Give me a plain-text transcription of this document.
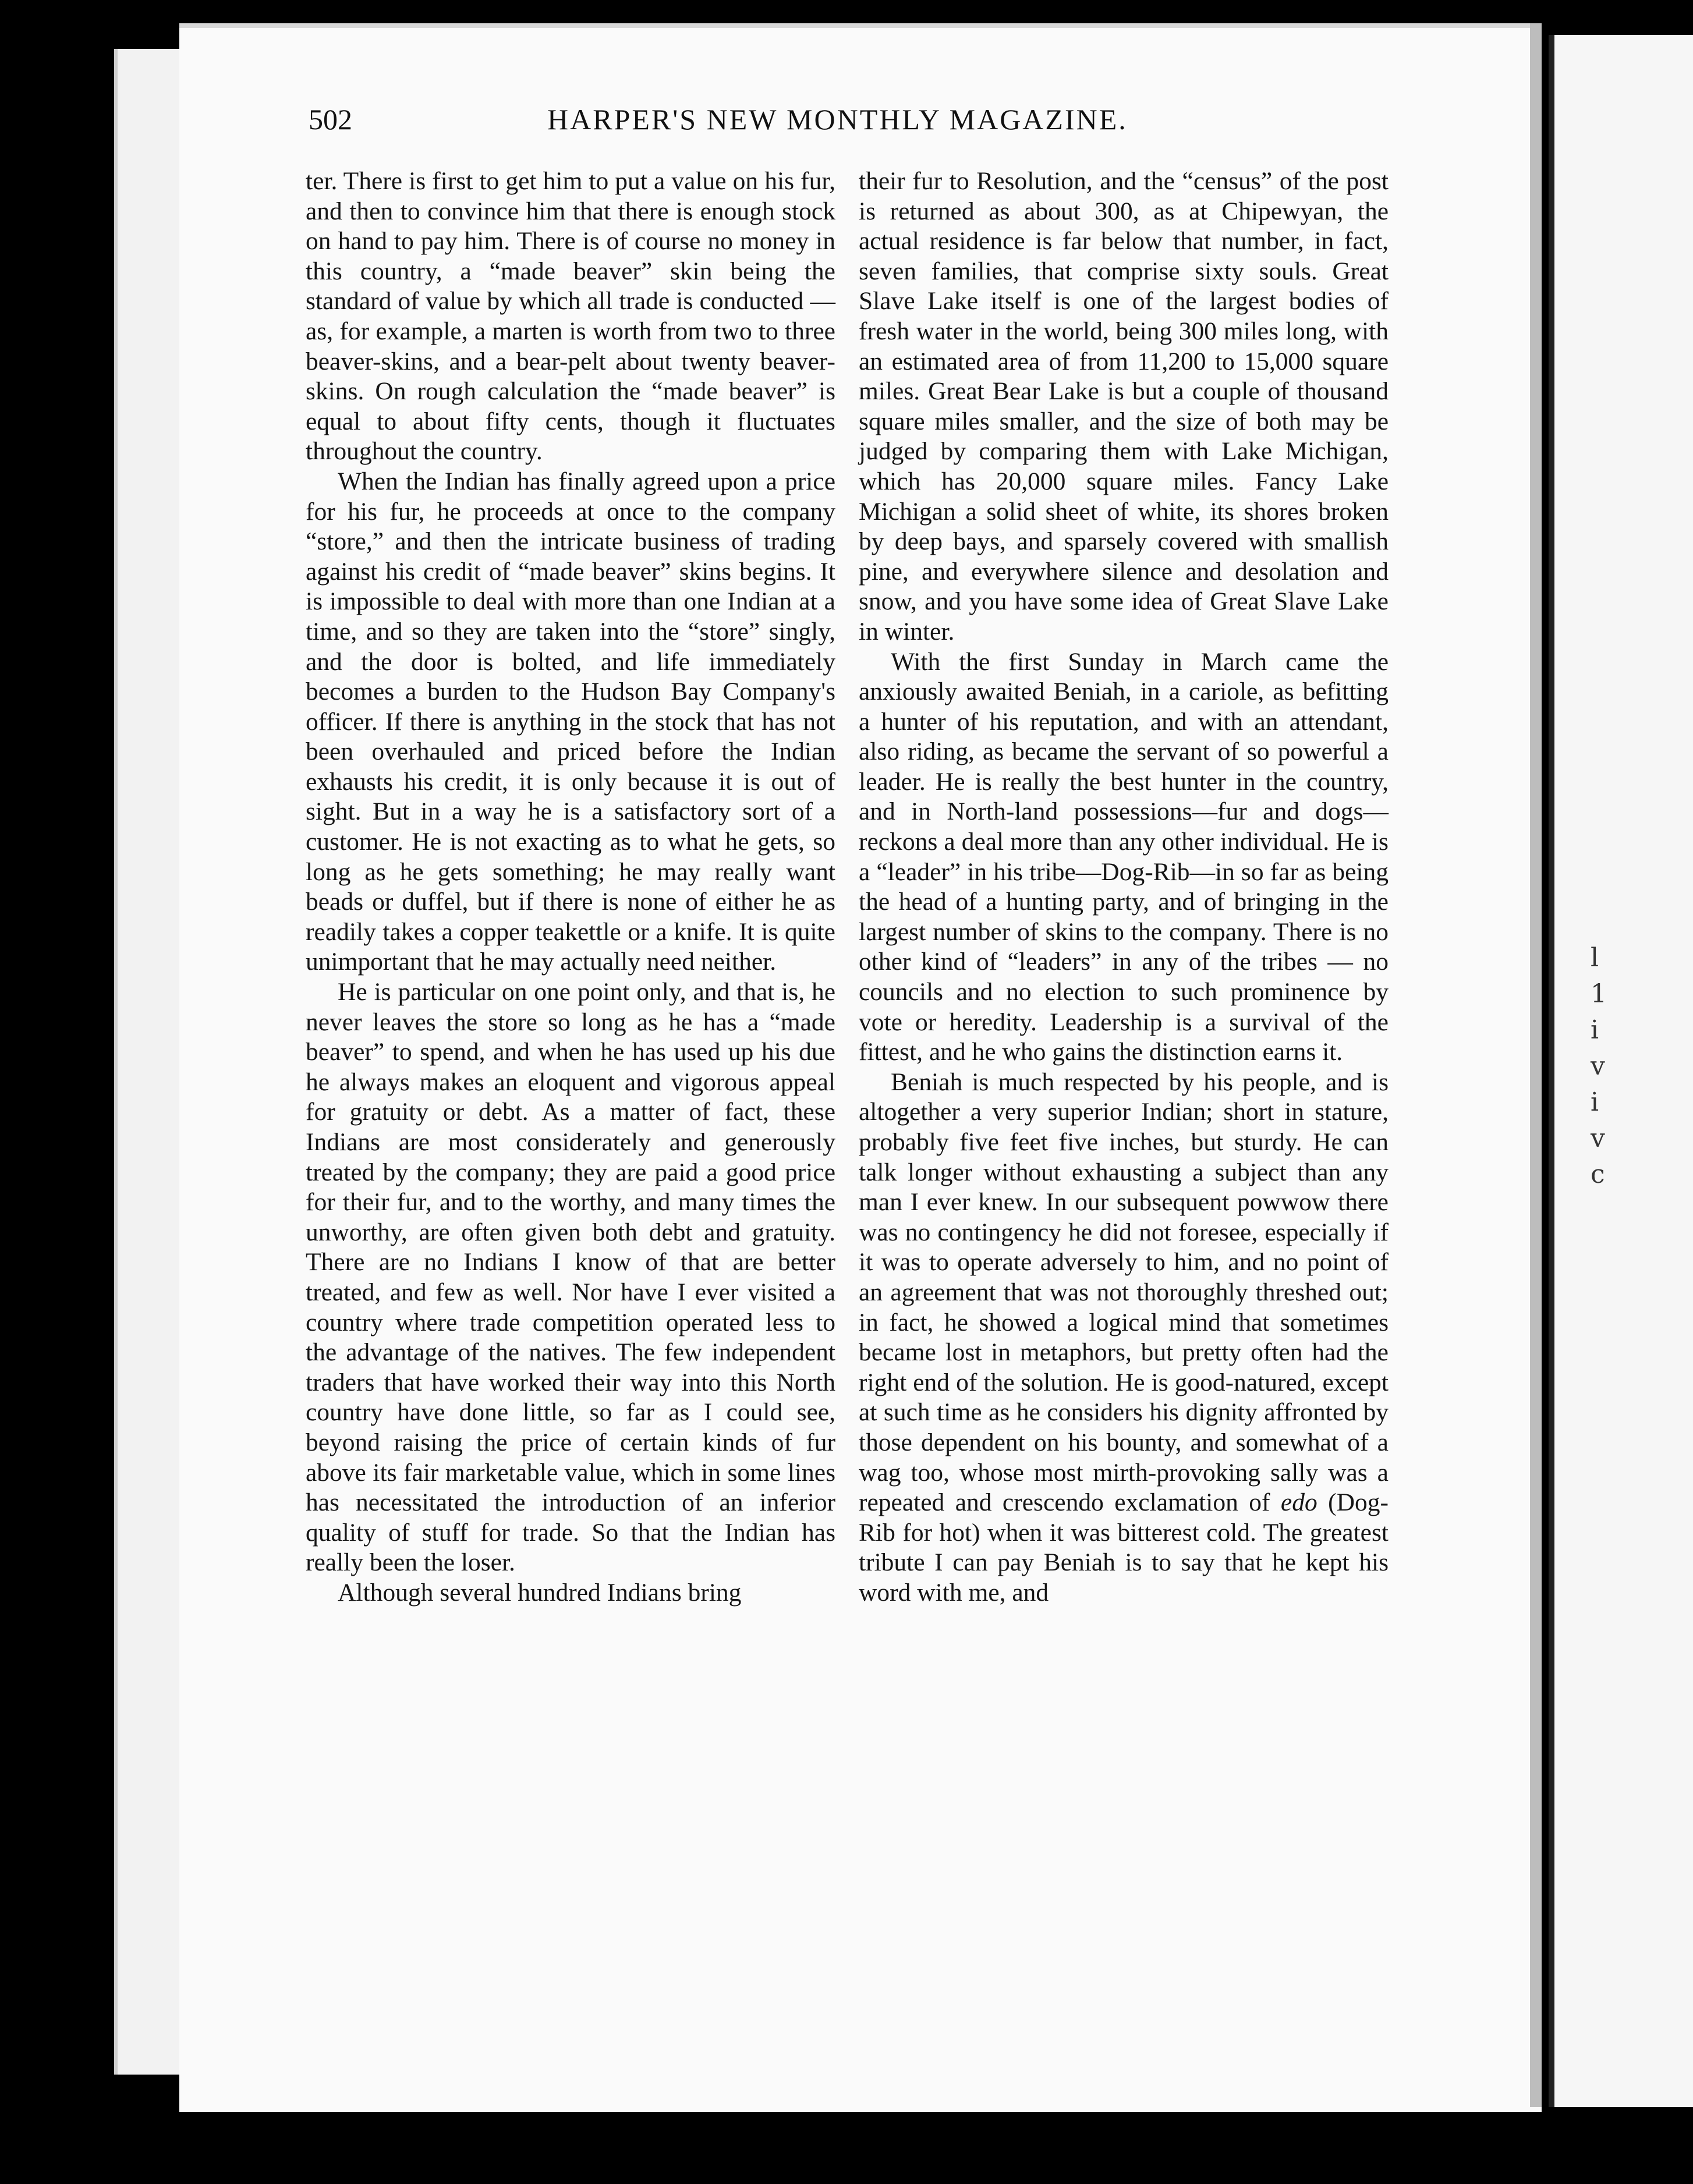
l
1
i
v
i
v
c
502	HARPER'S NEW MONTHLY MAGAZINE.

ter. There is first to get him to put a value on his fur, and then to convince him that there is enough stock on hand to pay him. There is of course no money in this country, a “made beaver” skin being the standard of value by which all trade is conducted — as, for example, a marten is worth from two to three beaver-skins, and a bear-pelt about twenty beaver-skins. On rough calculation the “made beaver” is equal to about fifty cents, though it fluctuates throughout the country.

When the Indian has finally agreed upon a price for his fur, he proceeds at once to the company “store,” and then the intricate business of trading against his credit of “made beaver” skins begins. It is impossible to deal with more than one Indian at a time, and so they are taken into the “store” singly, and the door is bolted, and life immediately becomes a burden to the Hudson Bay Company's officer. If there is anything in the stock that has not been overhauled and priced before the Indian exhausts his credit, it is only because it is out of sight. But in a way he is a satisfactory sort of a customer. He is not exacting as to what he gets, so long as he gets something; he may really want beads or duffel, but if there is none of either he as readily takes a copper teakettle or a knife. It is quite unimportant that he may actually need neither.

He is particular on one point only, and that is, he never leaves the store so long as he has a “made beaver” to spend, and when he has used up his due he always makes an eloquent and vigorous appeal for gratuity or debt. As a matter of fact, these Indians are most considerately and generously treated by the company; they are paid a good price for their fur, and to the worthy, and many times the unworthy, are often given both debt and gratuity. There are no Indians I know of that are better treated, and few as well. Nor have I ever visited a country where trade competition operated less to the advantage of the natives. The few independent traders that have worked their way into this North country have done little, so far as I could see, beyond raising the price of certain kinds of fur above its fair marketable value, which in some lines has necessitated the introduction of an inferior quality of stuff for trade. So that the Indian has really been the loser.

Although several hundred Indians bring

their fur to Resolution, and the “census” of the post is returned as about 300, as at Chipewyan, the actual residence is far below that number, in fact, seven families, that comprise sixty souls. Great Slave Lake itself is one of the largest bodies of fresh water in the world, being 300 miles long, with an estimated area of from 11,200 to 15,000 square miles. Great Bear Lake is but a couple of thousand square miles smaller, and the size of both may be judged by comparing them with Lake Michigan, which has 20,000 square miles. Fancy Lake Michigan a solid sheet of white, its shores broken by deep bays, and sparsely covered with smallish pine, and everywhere silence and desolation and snow, and you have some idea of Great Slave Lake in winter.

With the first Sunday in March came the anxiously awaited Beniah, in a cariole, as befitting a hunter of his reputation, and with an attendant, also riding, as became the servant of so powerful a leader. He is really the best hunter in the country, and in North-land possessions—fur and dogs—reckons a deal more than any other individual. He is a “leader” in his tribe—Dog-Rib—in so far as being the head of a hunting party, and of bringing in the largest number of skins to the company. There is no other kind of “leaders” in any of the tribes — no councils and no election to such prominence by vote or heredity. Leadership is a survival of the fittest, and he who gains the distinction earns it.

Beniah is much respected by his people, and is altogether a very superior Indian; short in stature, probably five feet five inches, but sturdy. He can talk longer without exhausting a subject than any man I ever knew. In our subsequent powwow there was no contingency he did not foresee, especially if it was to operate adversely to him, and no point of an agreement that was not thoroughly threshed out; in fact, he showed a logical mind that sometimes became lost in metaphors, but pretty often had the right end of the solution. He is good-natured, except at such time as he considers his dignity affronted by those dependent on his bounty, and somewhat of a wag too, whose most mirth-provoking sally was a repeated and crescendo exclamation of edo (Dog-Rib for hot) when it was bitterest cold. The greatest tribute I can pay Beniah is to say that he kept his word with me, and
